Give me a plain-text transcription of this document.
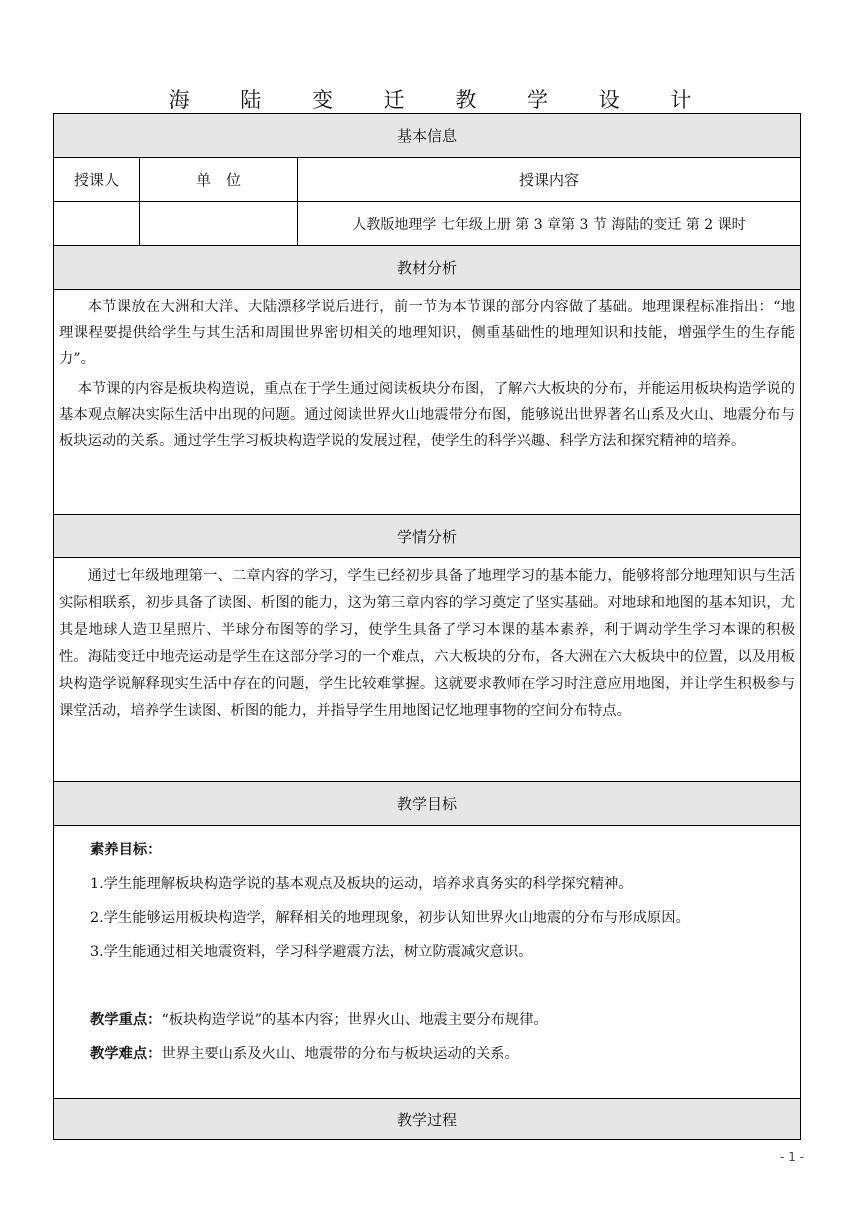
海 陆 变 迁 教 学 设 计
基本信息
授课人	单　位	授课内容
人教版地理学 七年级上册 第 3 章第 3 节 海陆的变迁 第 2 课时
教材分析

本节课放在大洲和大洋、大陆漂移学说后进行，前一节为本节课的部分内容做了基础。地理课程标准指出：“地理课程要提供给学生与其生活和周围世界密切相关的地理知识，侧重基础性的地理知识和技能，增强学生的生存能力”。

本节课的内容是板块构造说，重点在于学生通过阅读板块分布图，了解六大板块的分布，并能运用板块构造学说的基本观点解决实际生活中出现的问题。通过阅读世界火山地震带分布图，能够说出世界著名山系及火山、地震分布与板块运动的关系。通过学生学习板块构造学说的发展过程，使学生的科学兴趣、科学方法和探究精神的培养。

学情分析

通过七年级地理第一、二章内容的学习，学生已经初步具备了地理学习的基本能力，能够将部分地理知识与生活实际相联系，初步具备了读图、析图的能力，这为第三章内容的学习奠定了坚实基础。对地球和地图的基本知识，尤其是地球人造卫星照片、半球分布图等的学习，使学生具备了学习本课的基本素养，利于调动学生学习本课的积极性。海陆变迁中地壳运动是学生在这部分学习的一个难点，六大板块的分布，各大洲在六大板块中的位置，以及用板块构造学说解释现实生活中存在的问题，学生比较难掌握。这就要求教师在学习时注意应用地图，并让学生积极参与课堂活动，培养学生读图、析图的能力，并指导学生用地图记忆地理事物的空间分布特点。

教学目标
素养目标：
1.学生能理解板块构造学说的基本观点及板块的运动，培养求真务实的科学探究精神。
2.学生能够运用板块构造学，解释相关的地理现象，初步认知世界火山地震的分布与形成原因。
3.学生能通过相关地震资料，学习科学避震方法，树立防震减灾意识。
教学重点：“板块构造学说”的基本内容；世界火山、地震主要分布规律。
教学难点：世界主要山系及火山、地震带的分布与板块运动的关系。
教学过程
- 1 -
